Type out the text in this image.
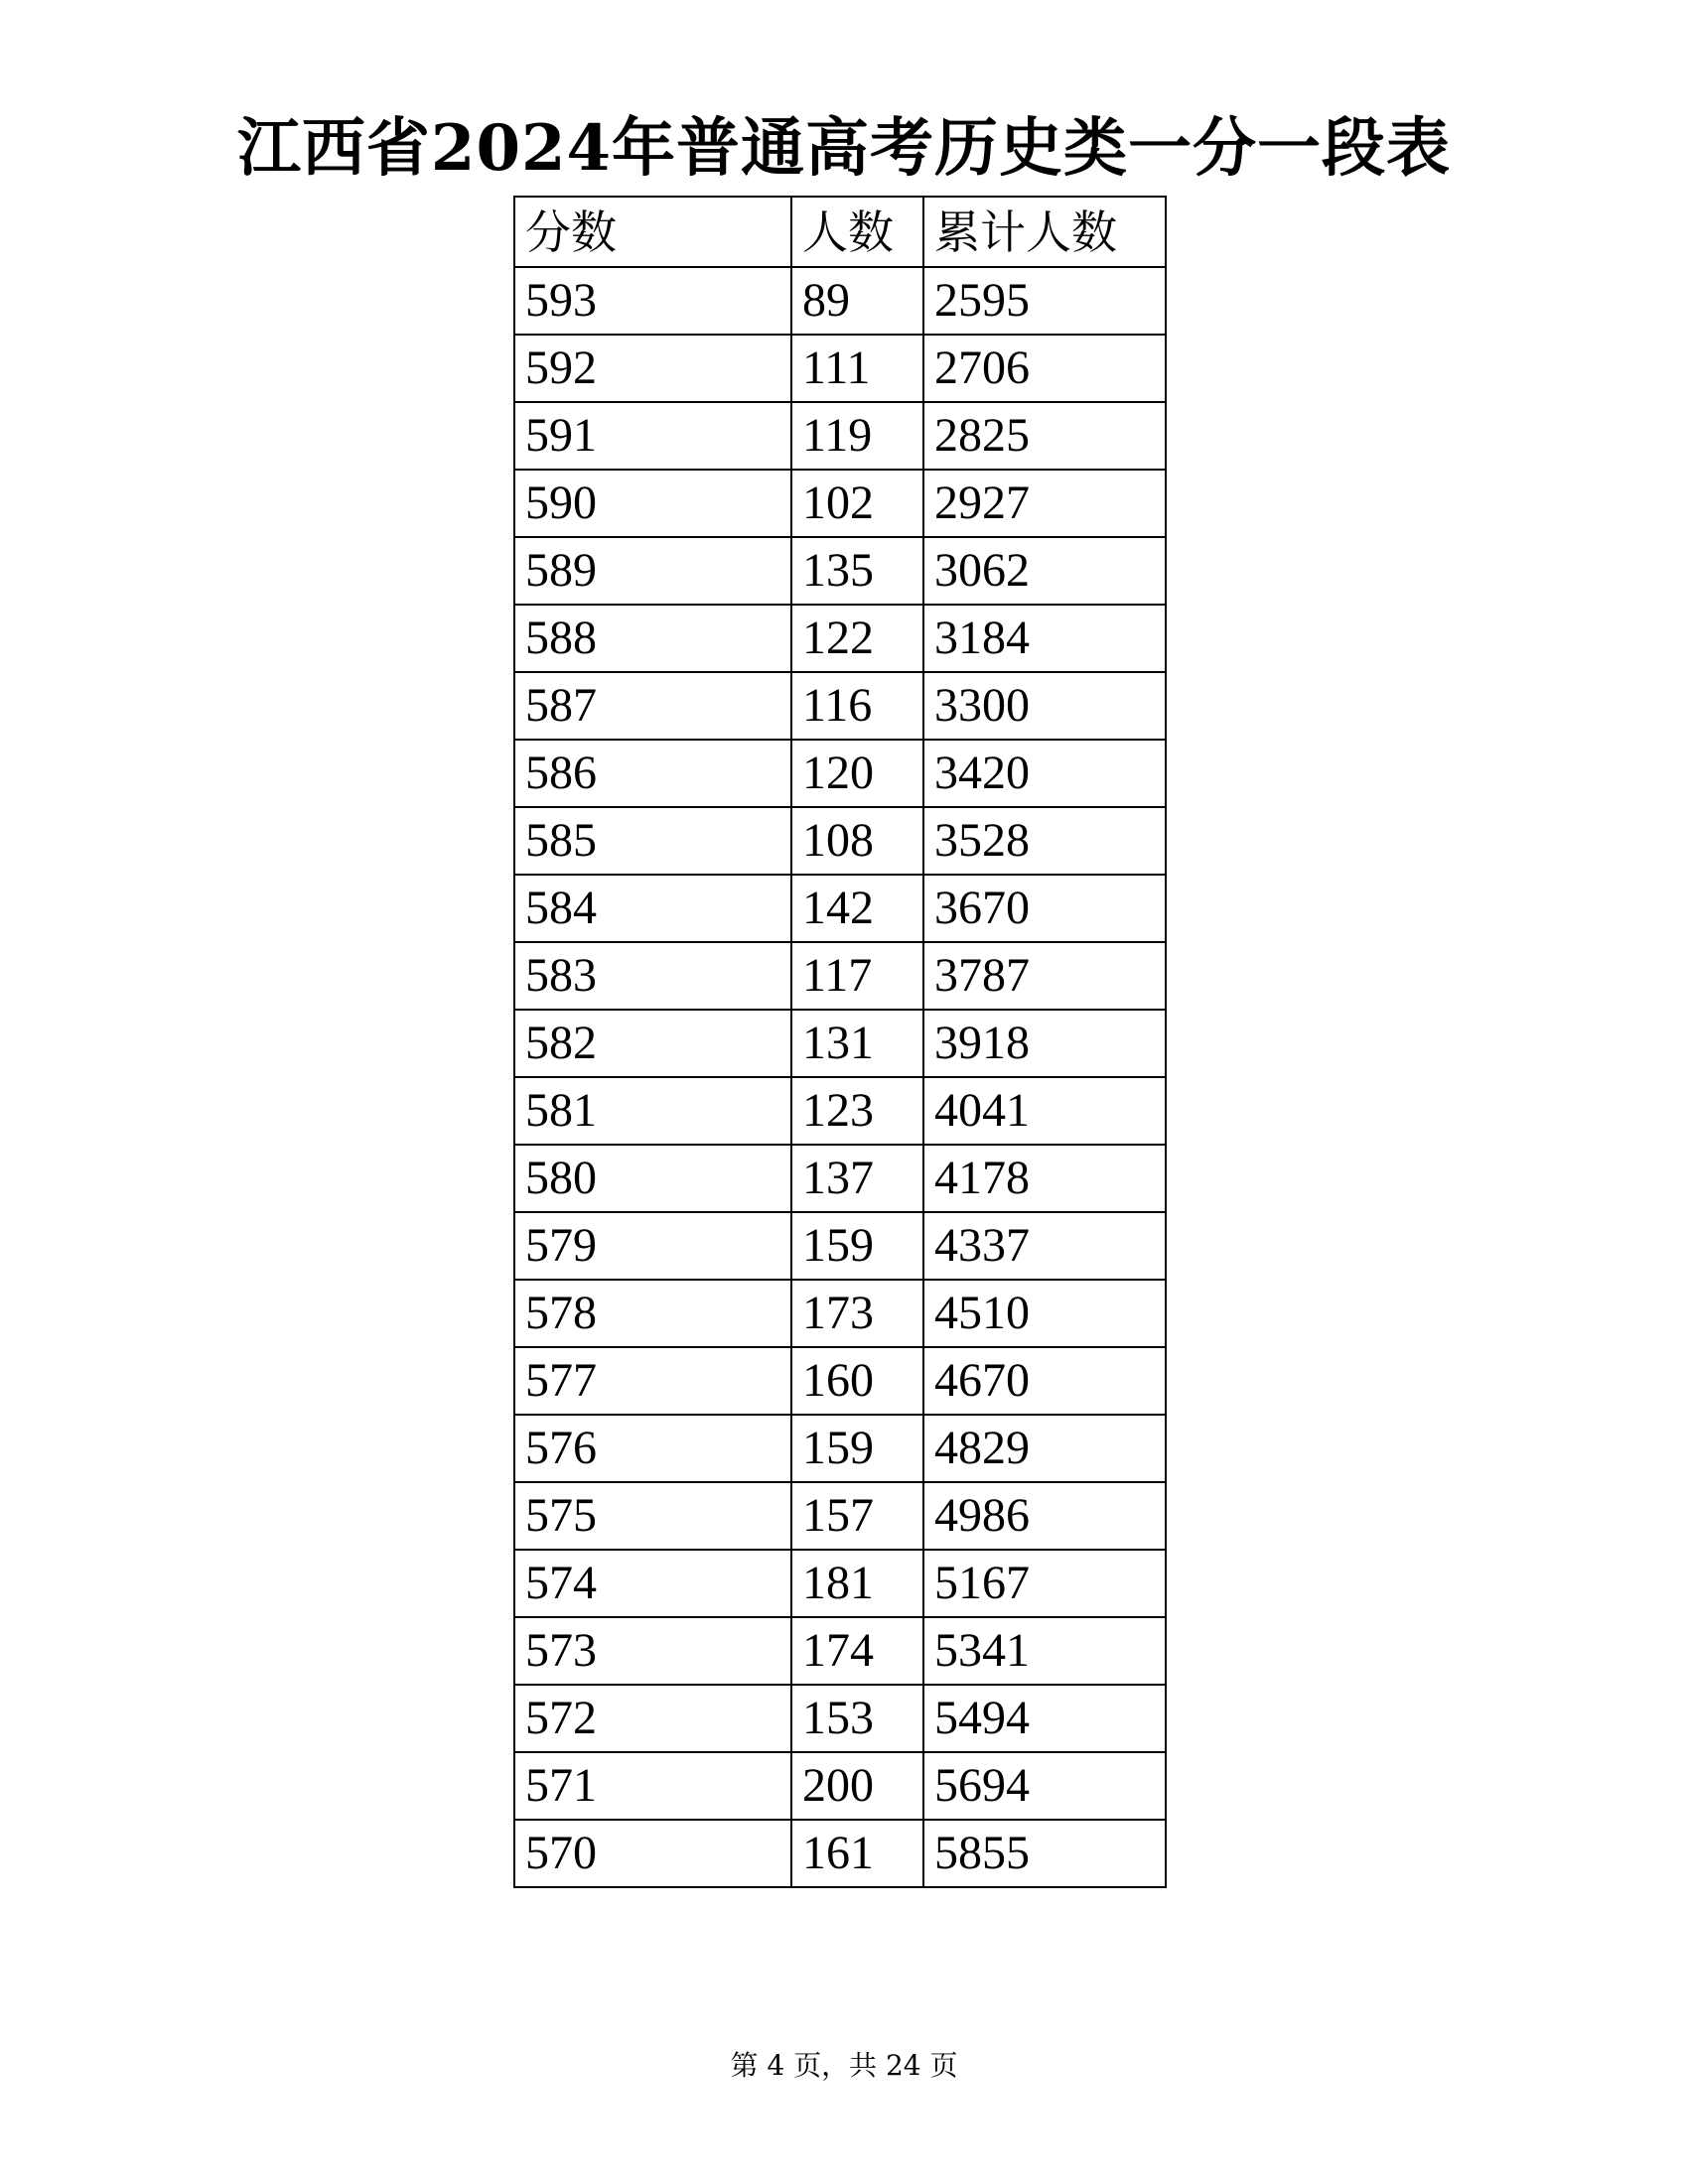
江西省2024年普通高考历史类一分一段表
分数	人数	累计人数
593	89	2595
592	111	2706
591	119	2825
590	102	2927
589	135	3062
588	122	3184
587	116	3300
586	120	3420
585	108	3528
584	142	3670
583	117	3787
582	131	3918
581	123	4041
580	137	4178
579	159	4337
578	173	4510
577	160	4670
576	159	4829
575	157	4986
574	181	5167
573	174	5341
572	153	5494
571	200	5694
570	161	5855
第 4 页，共 24 页
